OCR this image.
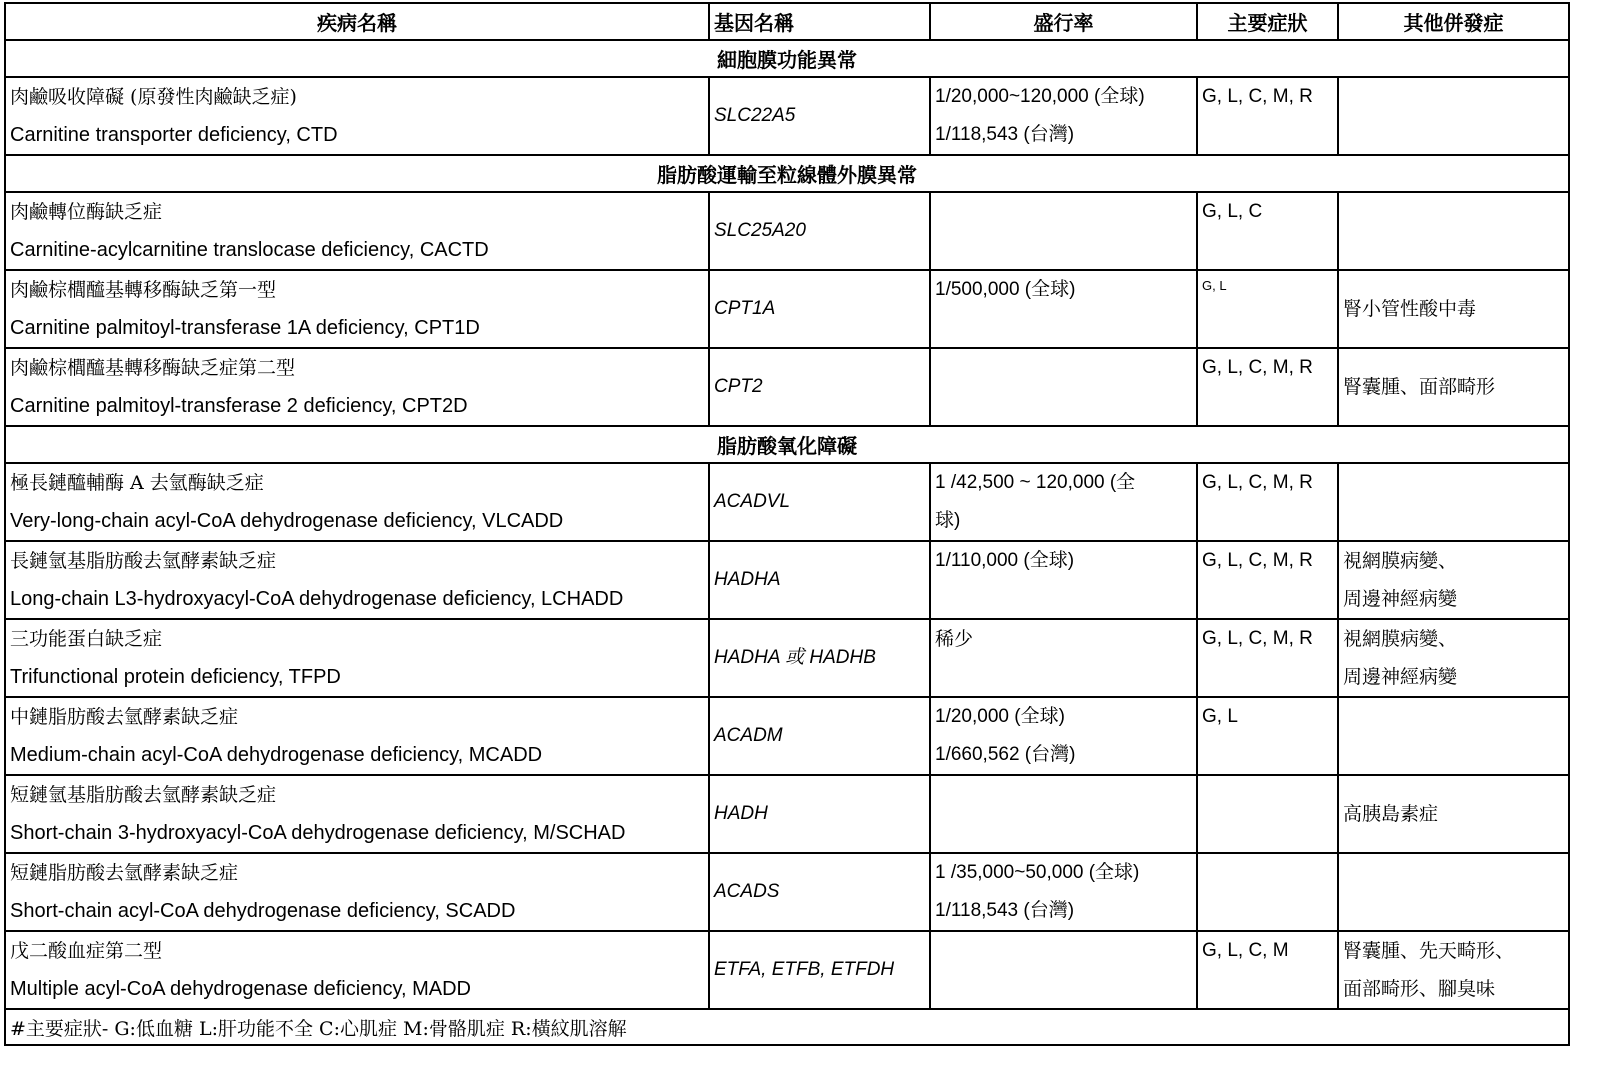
疾病名稱	基因名稱	盛行率	主要症狀	其他併發症
細胞膜功能異常				

肉鹼吸收障礙 (原發性肉鹼缺乏症)
Carnitine transporter deficiency, CTD	SLC22A5	1/20,000~120,000 (全球)
1/118,543 (台灣)	G, L, C, M, R	
脂肪酸運輸至粒線體外膜異常				

肉鹼轉位酶缺乏症
Carnitine-acylcarnitine translocase deficiency, CACTD	SLC25A20		G, L, C	

肉鹼棕櫚醯基轉移酶缺乏第一型
Carnitine palmitoyl-transferase 1A deficiency, CPT1D	CPT1A	1/500,000 (全球)	G, L	腎小管性酸中毒

肉鹼棕櫚醯基轉移酶缺乏症第二型
Carnitine palmitoyl-transferase 2 deficiency, CPT2D	CPT2		G, L, C, M, R	腎囊腫、面部畸形

脂肪酸氧化障礙				

極長鏈醯輔酶 A 去氫酶缺乏症
Very-long-chain acyl-CoA dehydrogenase deficiency, VLCADD	ACADVL	1 /42,500 ~ 120,000 (全
球)	G, L, C, M, R	

長鏈氫基脂肪酸去氫酵素缺乏症
Long-chain L3-hydroxyacyl-CoA dehydrogenase deficiency, LCHADD	HADHA	1/110,000 (全球)	G, L, C, M, R	視網膜病變、
周邊神經病變

三功能蛋白缺乏症
Trifunctional protein deficiency, TFPD	HADHA 或 HADHB	稀少	G, L, C, M, R	視網膜病變、
周邊神經病變

中鏈脂肪酸去氫酵素缺乏症
Medium-chain acyl-CoA dehydrogenase deficiency, MCADD	ACADM	1/20,000 (全球)
1/660,562 (台灣)	G, L	

短鏈氫基脂肪酸去氫酵素缺乏症
Short-chain 3-hydroxyacyl-CoA dehydrogenase deficiency, M/SCHAD	HADH			高胰島素症

短鏈脂肪酸去氫酵素缺乏症
Short-chain acyl-CoA dehydrogenase deficiency, SCADD	ACADS	1 /35,000~50,000 (全球)
1/118,543 (台灣)		

戊二酸血症第二型
Multiple acyl-CoA dehydrogenase deficiency, MADD	ETFA, ETFB, ETFDH		G, L, C, M	腎囊腫、先天畸形、
面部畸形、腳臭味

#主要症狀- G:低血糖 L:肝功能不全 C:心肌症 M:骨骼肌症 R:橫紋肌溶解				
